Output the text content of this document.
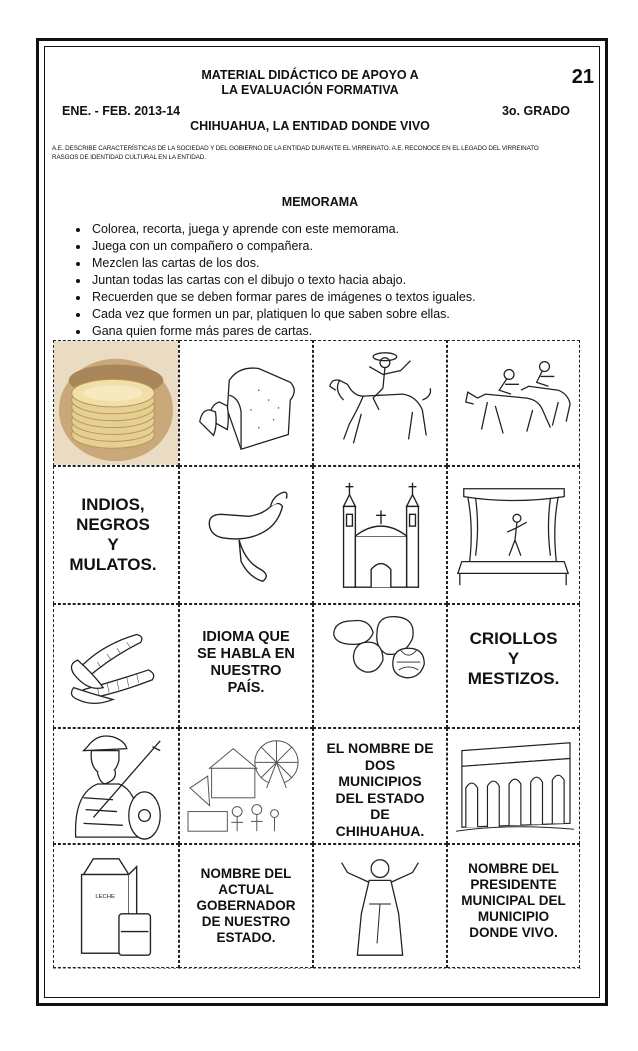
MATERIAL DIDÁCTICO DE APOYO A
LA EVALUACIÓN FORMATIVA
21
ENE. - FEB. 2013-14	3o. GRADO
CHIHUAHUA, LA ENTIDAD DONDE VIVO
A.E. DESCRIBE CARACTERÍSTICAS DE LA SOCIEDAD Y DEL GOBIERNO DE LA ENTIDAD DURANTE EL VIRREINATO. A.E. RECONOCE EN EL LEGADO DEL VIRREINATO RASGOS DE IDENTIDAD CULTURAL EN LA ENTIDAD.
MEMORAMA
• Colorea, recorta, juega y aprende con este memorama.
• Juega con un compañero o compañera.
• Mezclen las cartas de los dos.
• Juntan todas las cartas con el dibujo o texto hacia abajo.
• Recuerden que se deben formar pares de imágenes o textos iguales.
• Cada vez que formen un par, platiquen lo que saben sobre ellas.
• Gana quien forme más pares de cartas.
INDIOS,
NEGROS
Y
MULATOS.
IDIOMA QUE
SE HABLA EN
NUESTRO
PAÍS.
CRIOLLOS
Y
MESTIZOS.
EL NOMBRE DE
DOS
MUNICIPIOS
DEL ESTADO
DE
CHIHUAHUA.
LECHE
NOMBRE DEL
ACTUAL
GOBERNADOR
DE NUESTRO
ESTADO.
NOMBRE DEL
PRESIDENTE
MUNICIPAL DEL
MUNICIPIO
DONDE VIVO.
